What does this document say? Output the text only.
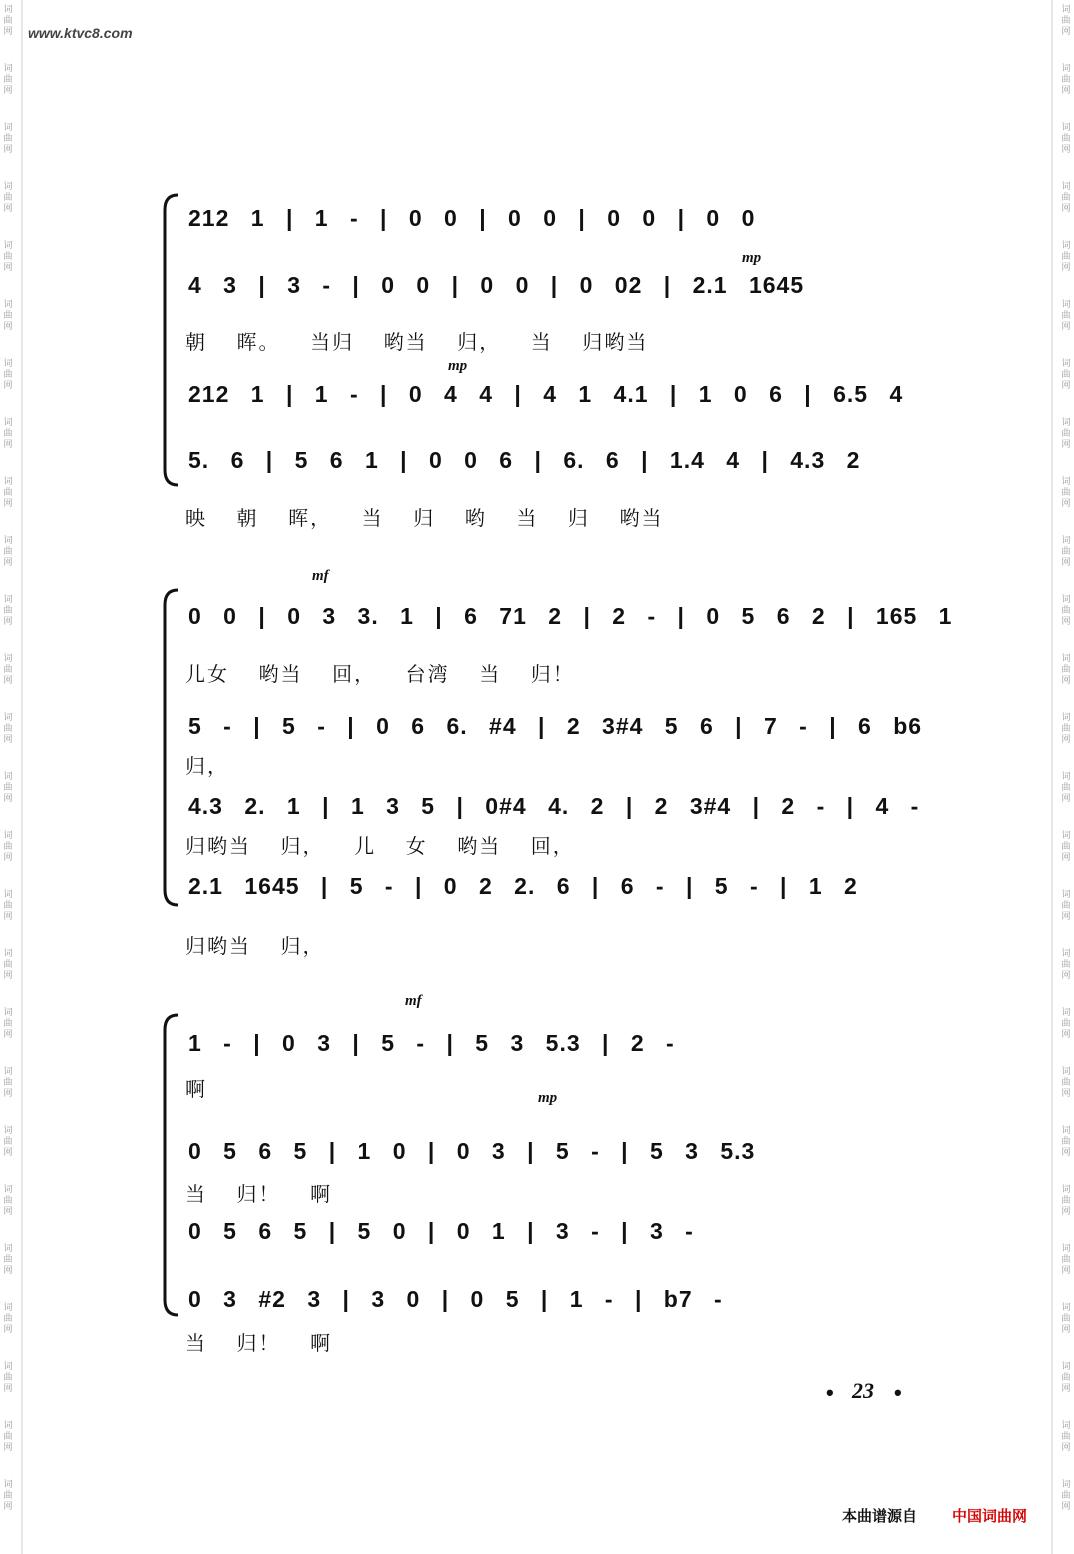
www.ktvc8.com
词
曲
网
词
曲
网
词
曲
网
词
曲
网
词
曲
网
词
曲
网
词
曲
网
词
曲
网
词
曲
网
词
曲
网
词
曲
网
词
曲
网
词
曲
网
词
曲
网
词
曲
网
词
曲
网
词
曲
网
词
曲
网
词
曲
网
词
曲
网
词
曲
网
词
曲
网
词
曲
网
词
曲
网
词
曲
网
词
曲
网
词
曲
网
词
曲
网
词
曲
网
词
曲
网
词
曲
网
词
曲
网
词
曲
网
词
曲
网
词
曲
网
词
曲
网
词
曲
网
词
曲
网
词
曲
网
词
曲
网
词
曲
网
词
曲
网
词
曲
网
词
曲
网
词
曲
网
词
曲
网
词
曲
网
词
曲
网
词
曲
网
词
曲
网
词
曲
网
词
曲
网
212 1 | 1 - | 0 0 | 0 0 | 0 0 | 0 0
4 3 | 3 - | 0 0 | 0 0 | 0 02 | 2.1 1645
mp
朝 晖。 当归 哟当 归， 当 归哟当
212 1 | 1 - | 0 4 4 | 4 1 4.1 | 1 0 6 | 6.5 4
mp
5. 6 | 5 6 1 | 0 0 6 | 6. 6 | 1.4 4 | 4.3 2
映 朝 晖， 当 归 哟 当 归 哟当
0 0 | 0 3 3. 1 | 6 71 2 | 2 - | 0 5 6 2 | 165 1
mf
儿女 哟当 回， 台湾 当 归！
5 - | 5 - | 0 6 6. #4 | 2 3#4 5 6 | 7 - | 6 b6
归，
4.3 2. 1 | 1 3 5 | 0#4 4. 2 | 2 3#4 | 2 - | 4 -
归哟当 归， 儿 女 哟当 回，
2.1 1645 | 5 - | 0 2 2. 6 | 6 - | 5 - | 1 2
归哟当 归，
1 - | 0 3 | 5 - | 5 3 5.3 | 2 -
mf
啊
0 5 6 5 | 1 0 | 0 3 | 5 - | 5 3 5.3
mp
当 归！ 啊
0 5 6 5 | 5 0 | 0 1 | 3 - | 3 -
0 3 #2 3 | 3 0 | 0 5 | 1 - | b7 -
当 归！ 啊
• 23 •
本曲谱源自 中国词曲网
